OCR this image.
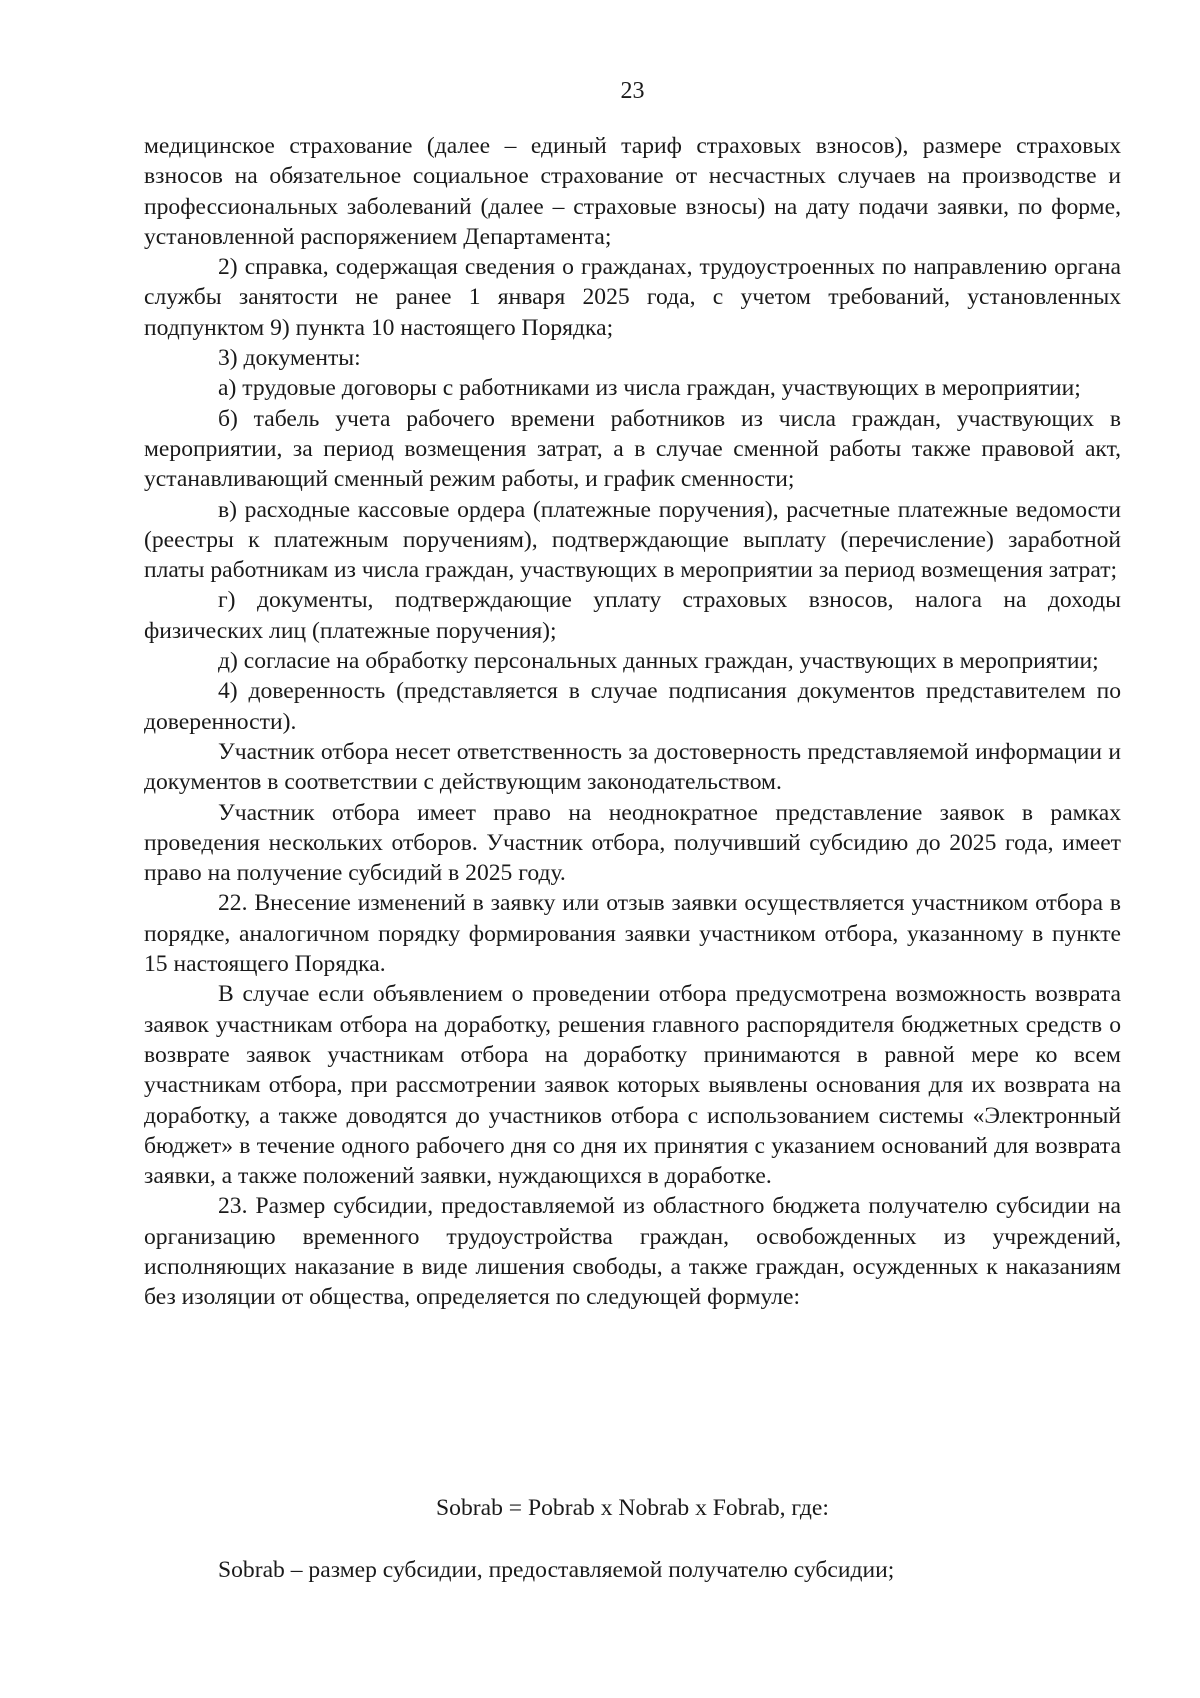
23

медицинское страхование (далее – единый тариф страховых взносов), размере страховых взносов на обязательное социальное страхование от несчастных случаев на производстве и профессиональных заболеваний (далее – страховые взносы) на дату подачи заявки, по форме, установленной распоряжением Департамента;

2) справка, содержащая сведения о гражданах, трудоустроенных по направлению органа службы занятости не ранее 1 января 2025 года, с учетом требований, установленных подпунктом 9) пункта 10 настоящего Порядка;

3) документы:

а) трудовые договоры с работниками из числа граждан, участвующих в мероприятии;

б) табель учета рабочего времени работников из числа граждан, участвующих в мероприятии, за период возмещения затрат, а в случае сменной работы также правовой акт, устанавливающий сменный режим работы, и график сменности;

в) расходные кассовые ордера (платежные поручения), расчетные платежные ведомости (реестры к платежным поручениям), подтверждающие выплату (перечисление) заработной платы работникам из числа граждан, участвующих в мероприятии за период возмещения затрат;

г) документы, подтверждающие уплату страховых взносов, налога на доходы физических лиц (платежные поручения);

д) согласие на обработку персональных данных граждан, участвующих в мероприятии;

4) доверенность (представляется в случае подписания документов представителем по доверенности).

Участник отбора несет ответственность за достоверность представляемой информации и документов в соответствии с действующим законодательством.

Участник отбора имеет право на неоднократное представление заявок в рамках проведения нескольких отборов. Участник отбора, получивший субсидию до 2025 года, имеет право на получение субсидий в 2025 году.

22. Внесение изменений в заявку или отзыв заявки осуществляется участником отбора в порядке, аналогичном порядку формирования заявки участником отбора, указанному в пункте 15 настоящего Порядка.

В случае если объявлением о проведении отбора предусмотрена возможность возврата заявок участникам отбора на доработку, решения главного распорядителя бюджетных средств о возврате заявок участникам отбора на доработку принимаются в равной мере ко всем участникам отбора, при рассмотрении заявок которых выявлены основания для их возврата на доработку, а также доводятся до участников отбора с использованием системы «Электронный бюджет» в течение одного рабочего дня со дня их принятия с указанием оснований для возврата заявки, а также положений заявки, нуждающихся в доработке.

23. Размер субсидии, предоставляемой из областного бюджета получателю субсидии на организацию временного трудоустройства граждан, освобожденных из учреждений, исполняющих наказание в виде лишения свободы, а также граждан, осужденных к наказаниям без изоляции от общества, определяется по следующей формуле:

Sobrab = Pobrab x Nobrab x Fobrab, где:
Sobrab – размер субсидии, предоставляемой получателю субсидии;
